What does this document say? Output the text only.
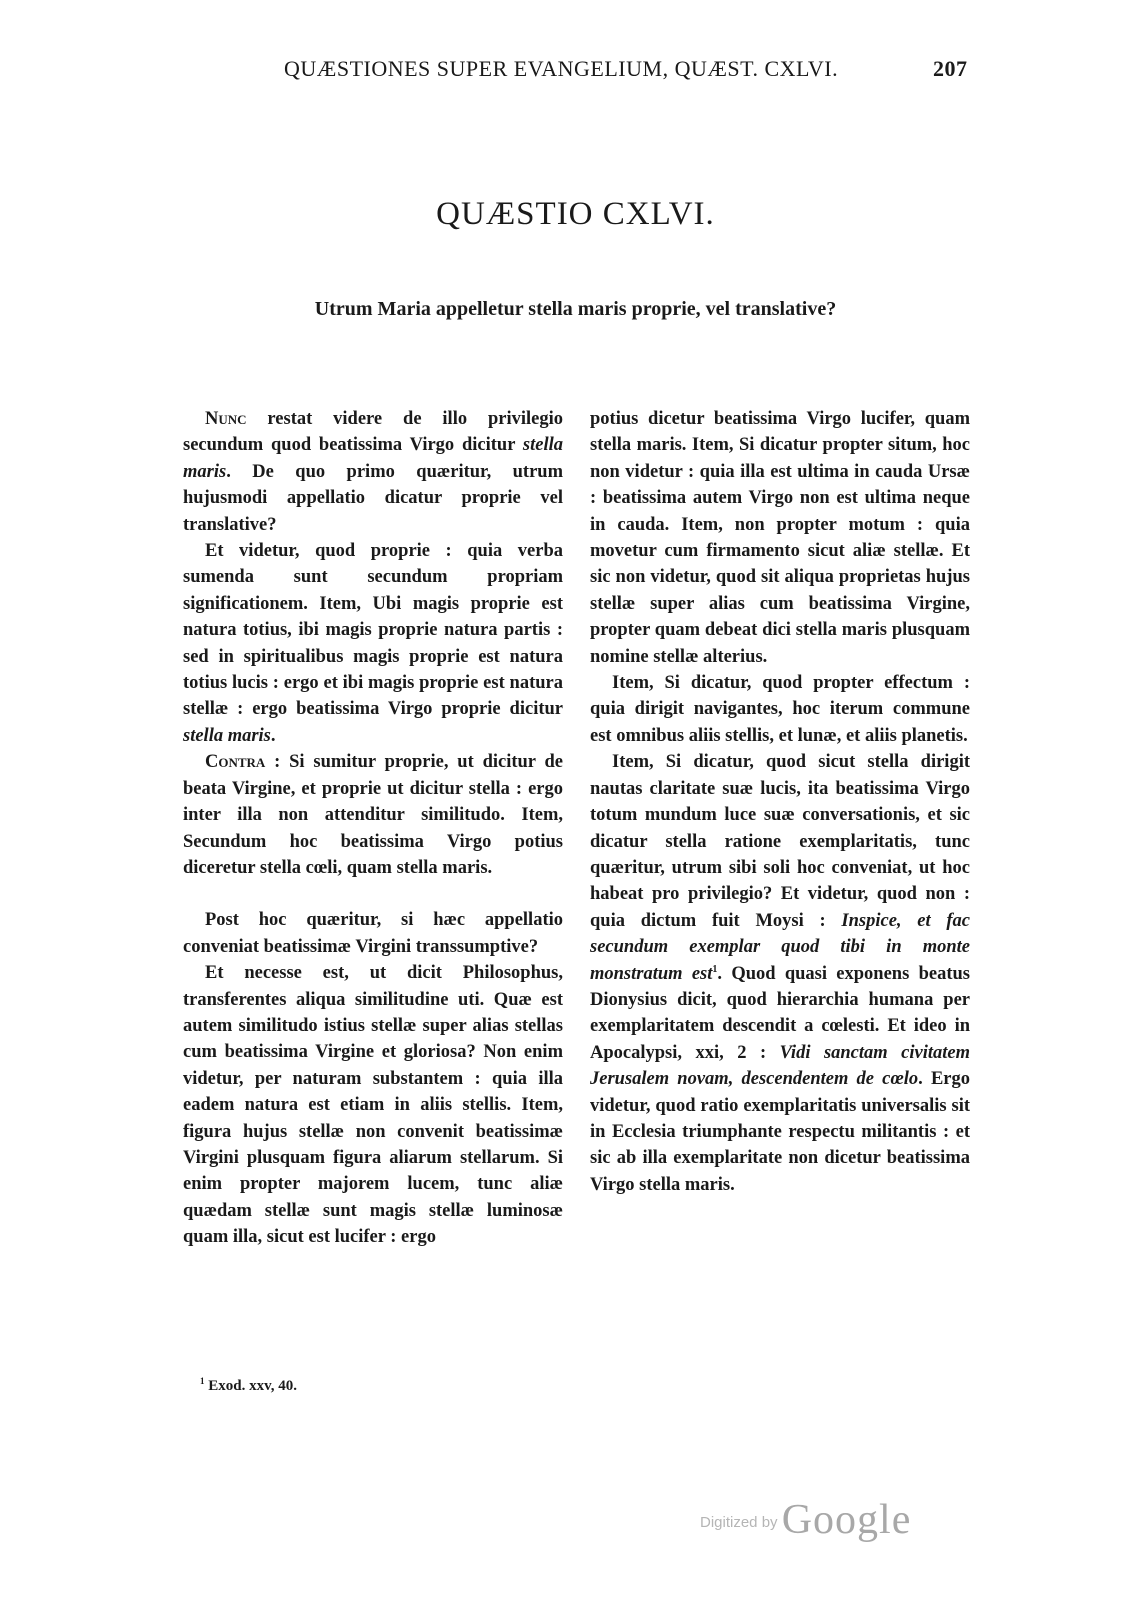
QUÆSTIONES SUPER EVANGELIUM, QUÆST. CXLVI.	207
QUÆSTIO CXLVI.
Utrum Maria appelletur stella maris proprie, vel translative?

Nunc restat videre de illo privilegio secundum quod beatissima Virgo dicitur stella maris. De quo primo quæritur, utrum hujusmodi appellatio dicatur proprie vel translative?

Et videtur, quod proprie : quia verba sumenda sunt secundum propriam significationem. Item, Ubi magis proprie est natura totius, ibi magis proprie natura partis : sed in spiritualibus magis proprie est natura totius lucis : ergo et ibi magis proprie est natura stellæ : ergo beatissima Virgo proprie dicitur stella maris.

Contra : Si sumitur proprie, ut dicitur de beata Virgine, et proprie ut dicitur stella : ergo inter illa non attenditur similitudo. Item, Secundum hoc beatissima Virgo potius diceretur stella cœli, quam stella maris.

Post hoc quæritur, si hæc appellatio conveniat beatissimæ Virgini transsumptive?

Et necesse est, ut dicit Philosophus, transferentes aliqua similitudine uti. Quæ est autem similitudo istius stellæ super alias stellas cum beatissima Virgine et gloriosa? Non enim videtur, per naturam substantem : quia illa eadem natura est etiam in aliis stellis. Item, figura hujus stellæ non convenit beatissimæ Virgini plusquam figura aliarum stellarum. Si enim propter majorem lucem, tunc aliæ quædam stellæ sunt magis stellæ luminosæ quam illa, sicut est lucifer : ergo

potius dicetur beatissima Virgo lucifer, quam stella maris. Item, Si dicatur propter situm, hoc non videtur : quia illa est ultima in cauda Ursæ : beatissima autem Virgo non est ultima neque in cauda. Item, non propter motum : quia movetur cum firmamento sicut aliæ stellæ. Et sic non videtur, quod sit aliqua proprietas hujus stellæ super alias cum beatissima Virgine, propter quam debeat dici stella maris plusquam nomine stellæ alterius.

Item, Si dicatur, quod propter effectum : quia dirigit navigantes, hoc iterum commune est omnibus aliis stellis, et lunæ, et aliis planetis.

Item, Si dicatur, quod sicut stella dirigit nautas claritate suæ lucis, ita beatissima Virgo totum mundum luce suæ conversationis, et sic dicatur stella ratione exemplaritatis, tunc quæritur, utrum sibi soli hoc conveniat, ut hoc habeat pro privilegio? Et videtur, quod non : quia dictum fuit Moysi : Inspice, et fac secundum exemplar quod tibi in monte monstratum est$^1$. Quod quasi exponens beatus Dionysius dicit, quod hierarchia humana per exemplaritatem descendit a cœlesti. Et ideo in Apocalypsi, xxi, 2 : Vidi sanctam civitatem Jerusalem novam, descendentem de cœlo. Ergo videtur, quod ratio exemplaritatis universalis sit in Ecclesia triumphante respectu militantis : et sic ab illa exemplaritate non dicetur beatissima Virgo stella maris.

$^1$ Exod. xxv, 40.
Digitized by Google
